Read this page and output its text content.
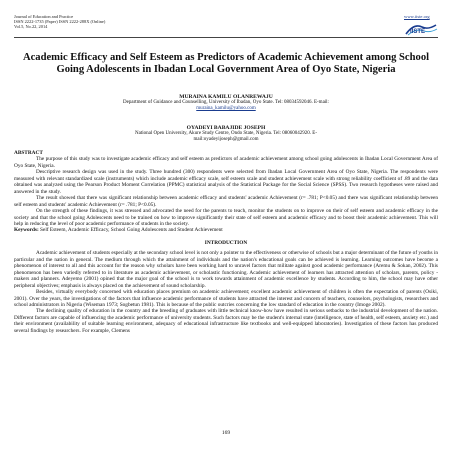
Journal of Education and Practice
ISSN 2222-1735 (Paper) ISSN 2222-288X (Online)
Vol.5, No.22, 2014
www.iiste.org
IISTE
Academic Efficacy and Self Esteem as Predictors of Academic Achievement among School Going Adolescents in Ibadan Local Government Area of Oyo State, Nigeria
MURAINA KAMILU OLANREWAJU
Department of Guidance and Counselling, University of Ibadan, Oyo State. Tel: 08034592046. E-mail:
muraina_kamilu@yahoo.com
OYADEYI BABAJIDE JOSEPH
National Open University, Akure Study Centre, Ondo State, Nigeria. Tel: 08060042920. E-
mail:oyadeyijoseph@gmail.com

ABSTRACT

The purpose of this study was to investigate academic efficacy and self esteem as predictors of academic achievement among school going adolescents in Ibadan Local Government Area of Oyo State, Nigeria.

Descriptive research design was used in the study. Three hundred (300) respondents were selected from Ibadan Local Government Area of Oyo State, Nigeria. The respondents were measured with relevant standardized scale (instruments) which include academic efficacy scale, self esteem scale and student achievement scale with strong reliability coefficient of .89 and the data obtained was analyzed using the Pearson Product Moment Correlation (PPMC) statistical analysis of the Statistical Package for the Social Science (SPSS). Two research hypotheses were raised and answered in the study.

The result showed that there was significant relationship between academic efficacy and students' academic Achievement (r= .781; P<0.05) and there was significant relationship between self esteem and students' academic Achievement (r= .781; P<0.05).

On the strength of these findings, it was stressed and advocated the need for the parents to teach, monitor the students on to improve on their of self esteem and academic efficacy in the society and that the school going Adolescents need to be trained on how to improve significantly their state of self esteem and academic efficacy and to boost their academic achievement. This will help in reducing the level of poor academic performance of students in the society.

Keywords: Self Esteem, Academic Efficacy, School Going Adolescents and Student Achievement

INTRODUCTION

Academic achievement of students especially at the secondary school level is not only a pointer to the effectiveness or otherwise of schools but a major determinant of the future of youths in particular and the nation in general. The medium through which the attainment of individuals and the nation's educational goals can be achieved is learning. Learning outcomes have become a phenomenon of interest to all and this account for the reason why scholars have been working hard to unravel factors that militate against good academic performance (Aremu & Sokan, 2002). This phenomenon has been variedly referred to in literature as academic achievement, or scholastic functioning. Academic achievement of learners has attracted attention of scholars, parents, policy - makers and planners. Adeyemo (2001) opined that the major goal of the school is to work towards attainment of academic excellence by students. According to him, the school may have other peripheral objectives; emphasis is always placed on the achievement of sound scholarship.

Besides, virtually everybody concerned with education places premium on academic achievement; excellent academic achievement of children is often the expectation of parents (Osiki, 2001). Over the years, the investigations of the factors that influence academic performance of students have attracted the interest and concern of teachers, counselors, psychologists, researchers and school administrators in Nigeria (Wiseman 1973; Sogbetun 1981). This is because of the public outcries concerning the low standard of education in the country (Imoge 2002).

The declining quality of education in the country and the breeding of graduates with little technical know-how have resulted in serious setbacks to the industrial development of the nation. Different factors are capable of influencing the academic performance of university students. Such factors may be the student's internal state (intelligence, state of health, self esteem, anxiety etc.) and their environment (availability of suitable learning environment, adequacy of educational infrastructure like textbooks and well-equipped laboratories). Investigation of these factors has produced several findings by researchers. For example, Clemens

169
